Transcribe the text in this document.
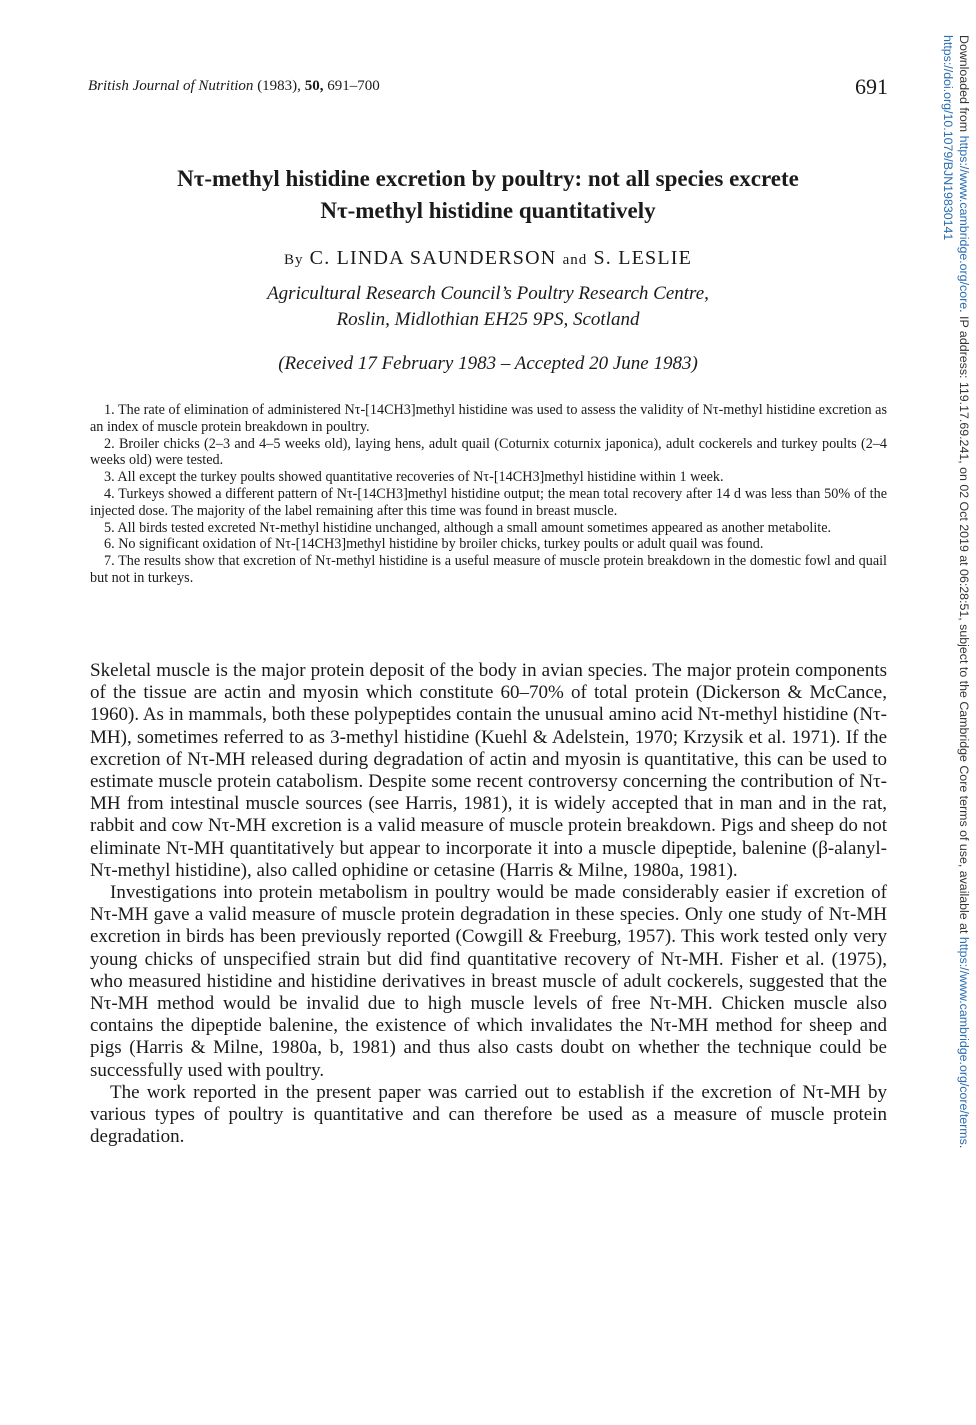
British Journal of Nutrition (1983), 50, 691–700	691
Nτ-methyl histidine excretion by poultry: not all species excrete
Nτ-methyl histidine quantitatively
By C. LINDA SAUNDERSON and S. LESLIE
Agricultural Research Council’s Poultry Research Centre,
Roslin, Midlothian EH25 9PS, Scotland
(Received 17 February 1983 – Accepted 20 June 1983)

1. The rate of elimination of administered Nτ-[14CH3]methyl histidine was used to assess the validity of Nτ-methyl histidine excretion as an index of muscle protein breakdown in poultry.

2. Broiler chicks (2–3 and 4–5 weeks old), laying hens, adult quail (Coturnix coturnix japonica), adult cockerels and turkey poults (2–4 weeks old) were tested.

3. All except the turkey poults showed quantitative recoveries of Nτ-[14CH3]methyl histidine within 1 week.

4. Turkeys showed a different pattern of Nτ-[14CH3]methyl histidine output; the mean total recovery after 14 d was less than 50% of the injected dose. The majority of the label remaining after this time was found in breast muscle.

5. All birds tested excreted Nτ-methyl histidine unchanged, although a small amount sometimes appeared as another metabolite.

6. No significant oxidation of Nτ-[14CH3]methyl histidine by broiler chicks, turkey poults or adult quail was found.

7. The results show that excretion of Nτ-methyl histidine is a useful measure of muscle protein breakdown in the domestic fowl and quail but not in turkeys.

Skeletal muscle is the major protein deposit of the body in avian species. The major protein components of the tissue are actin and myosin which constitute 60–70% of total protein (Dickerson & McCance, 1960). As in mammals, both these polypeptides contain the unusual amino acid Nτ-methyl histidine (Nτ-MH), sometimes referred to as 3-methyl histidine (Kuehl & Adelstein, 1970; Krzysik et al. 1971). If the excretion of Nτ-MH released during degradation of actin and myosin is quantitative, this can be used to estimate muscle protein catabolism. Despite some recent controversy concerning the contribution of Nτ-MH from intestinal muscle sources (see Harris, 1981), it is widely accepted that in man and in the rat, rabbit and cow Nτ-MH excretion is a valid measure of muscle protein breakdown. Pigs and sheep do not eliminate Nτ-MH quantitatively but appear to incorporate it into a muscle dipeptide, balenine (β-alanyl-Nτ-methyl histidine), also called ophidine or cetasine (Harris & Milne, 1980a, 1981).

Investigations into protein metabolism in poultry would be made considerably easier if excretion of Nτ-MH gave a valid measure of muscle protein degradation in these species. Only one study of Nτ-MH excretion in birds has been previously reported (Cowgill & Freeburg, 1957). This work tested only very young chicks of unspecified strain but did find quantitative recovery of Nτ-MH. Fisher et al. (1975), who measured histidine and histidine derivatives in breast muscle of adult cockerels, suggested that the Nτ-MH method would be invalid due to high muscle levels of free Nτ-MH. Chicken muscle also contains the dipeptide balenine, the existence of which invalidates the Nτ-MH method for sheep and pigs (Harris & Milne, 1980a, b, 1981) and thus also casts doubt on whether the technique could be successfully used with poultry.

The work reported in the present paper was carried out to establish if the excretion of Nτ-MH by various types of poultry is quantitative and can therefore be used as a measure of muscle protein degradation.

Downloaded from https://www.cambridge.org/core. IP address: 119.17.69.241, on 02 Oct 2019 at 06:28:51, subject to the Cambridge Core terms of use, available at https://www.cambridge.org/core/terms.
https://doi.org/10.1079/BJN19830141
